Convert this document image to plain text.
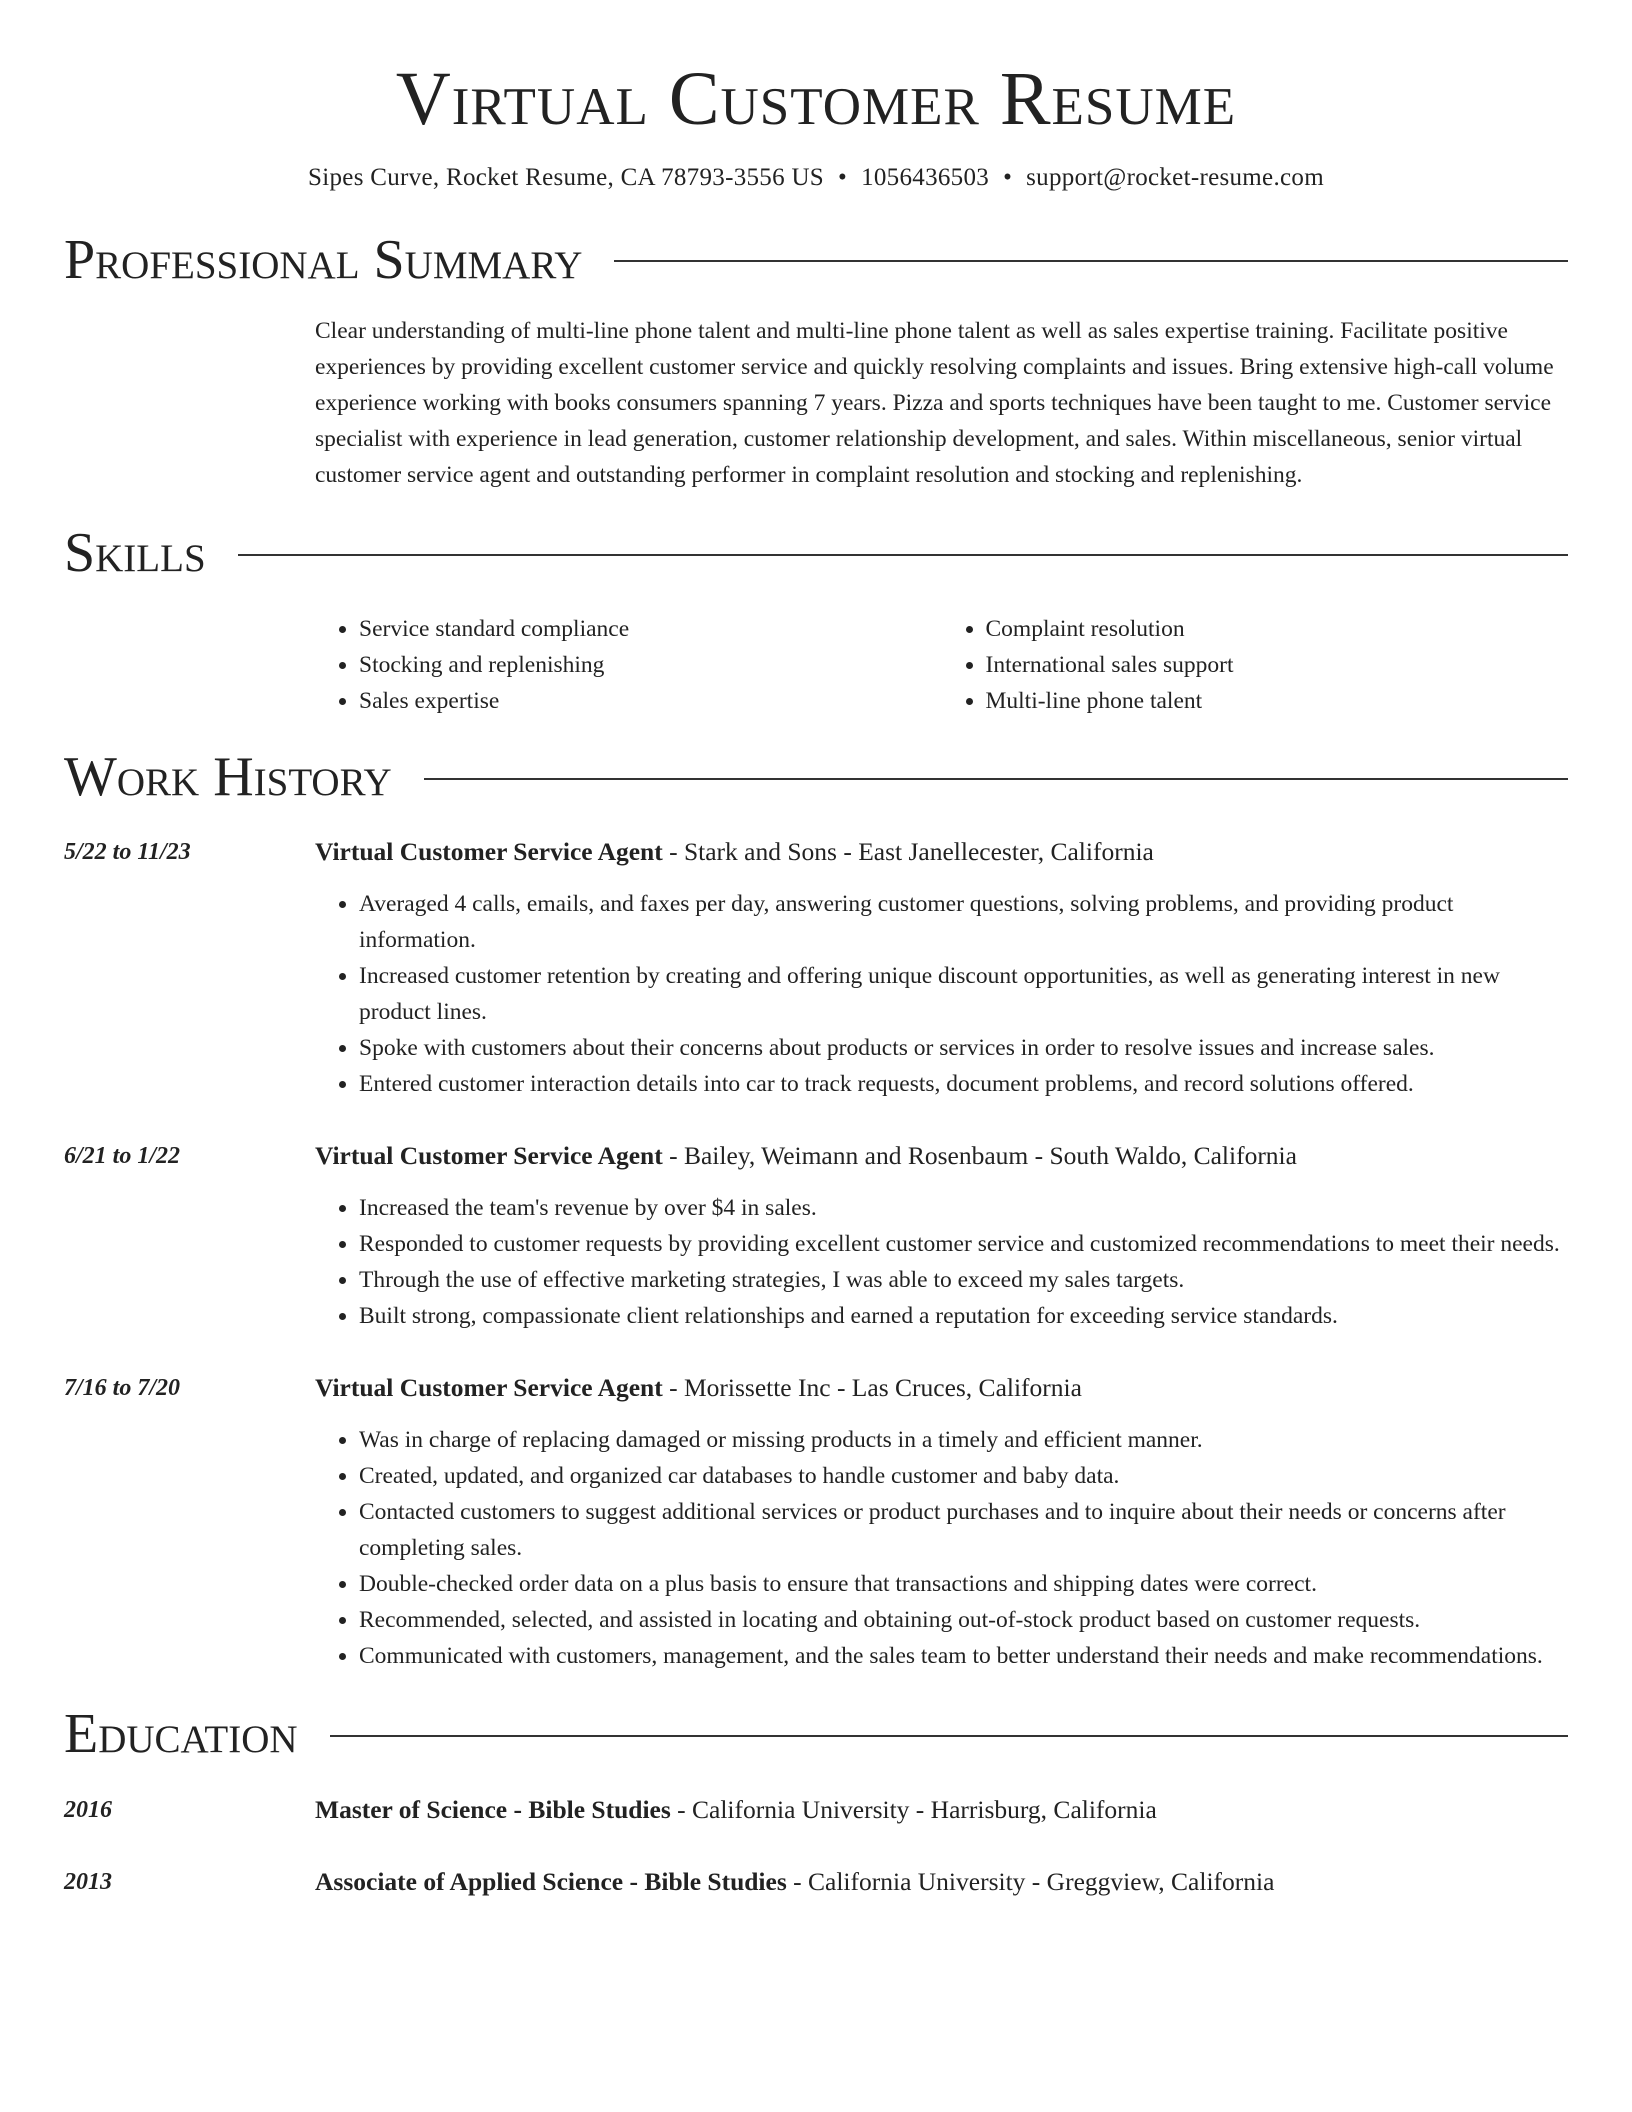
Virtual Customer Resume
Sipes Curve, Rocket Resume, CA 78793-3556 US • 1056436503 • support@rocket-resume.com
Professional Summary
Clear understanding of multi-line phone talent and multi-line phone talent as well as sales expertise training. Facilitate positive experiences by providing excellent customer service and quickly resolving complaints and issues. Bring extensive high-call volume experience working with books consumers spanning 7 years. Pizza and sports techniques have been taught to me. Customer service specialist with experience in lead generation, customer relationship development, and sales. Within miscellaneous, senior virtual customer service agent and outstanding performer in complaint resolution and stocking and replenishing.
Skills
• Service standard compliance
• Stocking and replenishing
• Sales expertise
• Complaint resolution
• International sales support
• Multi-line phone talent
Work History
5/22 to 11/23	Virtual Customer Service Agent - Stark and Sons - East Janellecester, California
• Averaged 4 calls, emails, and faxes per day, answering customer questions, solving problems, and providing product information.
• Increased customer retention by creating and offering unique discount opportunities, as well as generating interest in new product lines.
• Spoke with customers about their concerns about products or services in order to resolve issues and increase sales.
• Entered customer interaction details into car to track requests, document problems, and record solutions offered.
6/21 to 1/22	Virtual Customer Service Agent - Bailey, Weimann and Rosenbaum - South Waldo, California
• Increased the team's revenue by over $4 in sales.
• Responded to customer requests by providing excellent customer service and customized recommendations to meet their needs.
• Through the use of effective marketing strategies, I was able to exceed my sales targets.
• Built strong, compassionate client relationships and earned a reputation for exceeding service standards.
7/16 to 7/20	Virtual Customer Service Agent - Morissette Inc - Las Cruces, California
• Was in charge of replacing damaged or missing products in a timely and efficient manner.
• Created, updated, and organized car databases to handle customer and baby data.
• Contacted customers to suggest additional services or product purchases and to inquire about their needs or concerns after completing sales.
• Double-checked order data on a plus basis to ensure that transactions and shipping dates were correct.
• Recommended, selected, and assisted in locating and obtaining out-of-stock product based on customer requests.
• Communicated with customers, management, and the sales team to better understand their needs and make recommendations.
Education
2016	Master of Science - Bible Studies - California University - Harrisburg, California
2013	Associate of Applied Science - Bible Studies - California University - Greggview, California
